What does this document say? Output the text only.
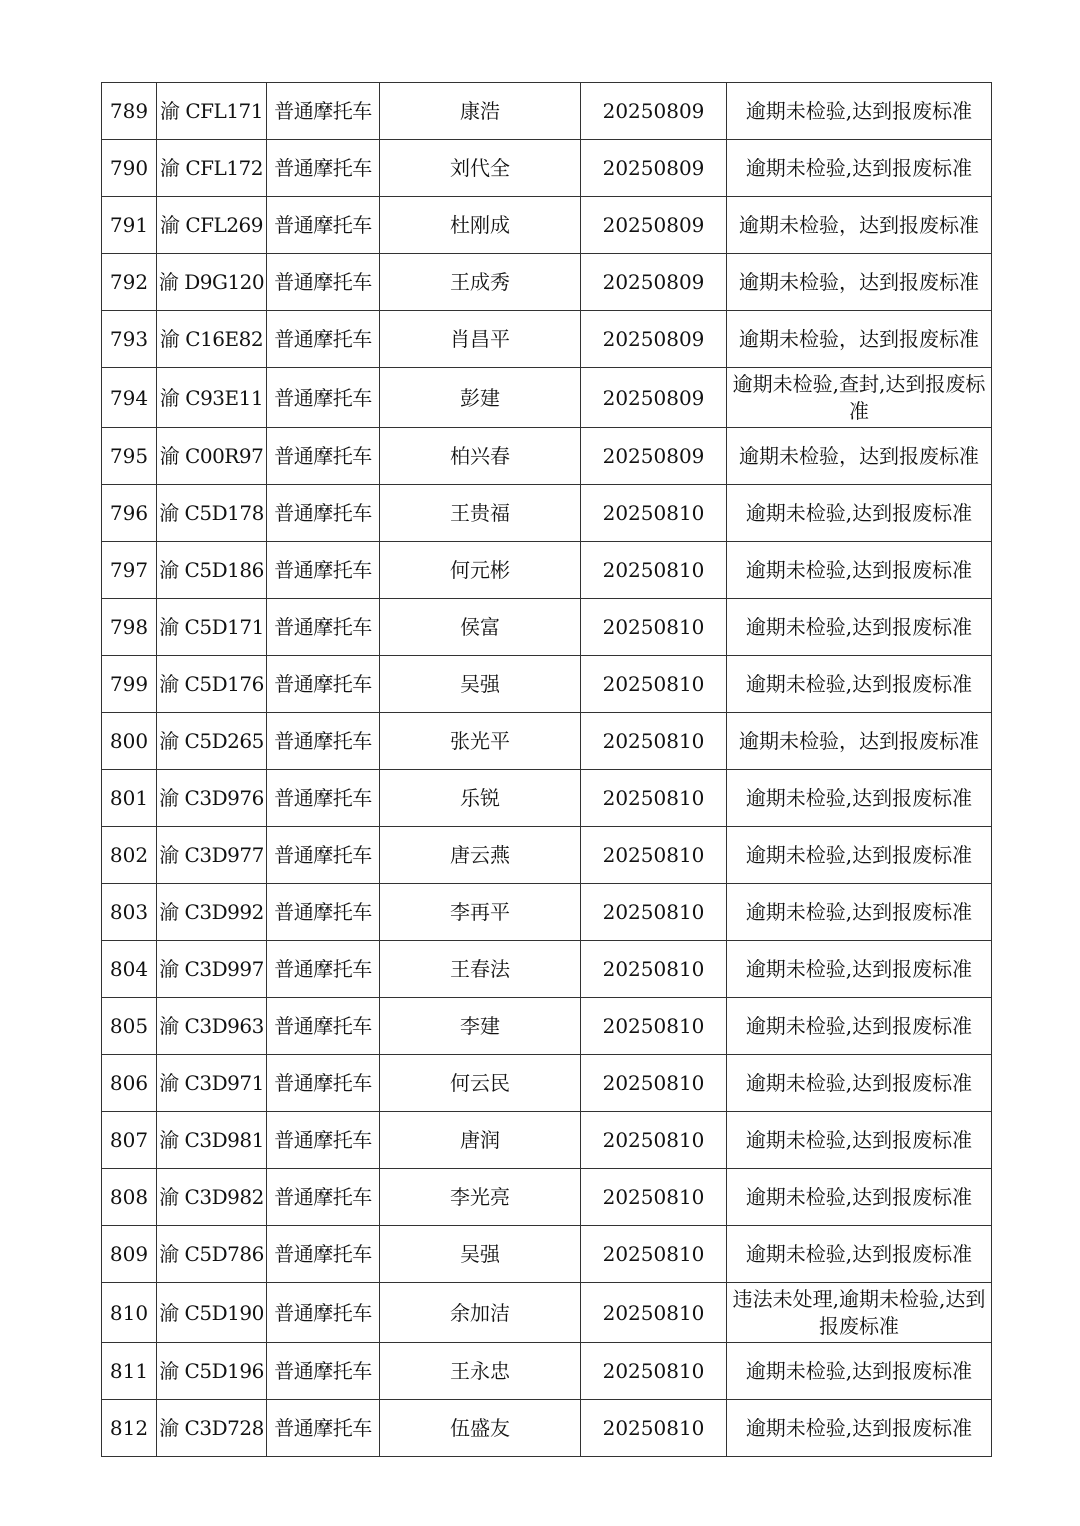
789	渝 CFL171	普通摩托车	康浩	20250809	逾期未检验,达到报废标准
790	渝 CFL172	普通摩托车	刘代全	20250809	逾期未检验,达到报废标准
791	渝 CFL269	普通摩托车	杜刚成	20250809	逾期未检验，达到报废标准
792	渝 D9G120	普通摩托车	王成秀	20250809	逾期未检验，达到报废标准
793	渝 C16E82	普通摩托车	肖昌平	20250809	逾期未检验，达到报废标准
794	渝 C93E11	普通摩托车	彭建	20250809	逾期未检验,查封,达到报废标准
795	渝 C00R97	普通摩托车	柏兴春	20250809	逾期未检验，达到报废标准
796	渝 C5D178	普通摩托车	王贵福	20250810	逾期未检验,达到报废标准
797	渝 C5D186	普通摩托车	何元彬	20250810	逾期未检验,达到报废标准
798	渝 C5D171	普通摩托车	侯富	20250810	逾期未检验,达到报废标准
799	渝 C5D176	普通摩托车	吴强	20250810	逾期未检验,达到报废标准
800	渝 C5D265	普通摩托车	张光平	20250810	逾期未检验，达到报废标准
801	渝 C3D976	普通摩托车	乐锐	20250810	逾期未检验,达到报废标准
802	渝 C3D977	普通摩托车	唐云燕	20250810	逾期未检验,达到报废标准
803	渝 C3D992	普通摩托车	李再平	20250810	逾期未检验,达到报废标准
804	渝 C3D997	普通摩托车	王春法	20250810	逾期未检验,达到报废标准
805	渝 C3D963	普通摩托车	李建	20250810	逾期未检验,达到报废标准
806	渝 C3D971	普通摩托车	何云民	20250810	逾期未检验,达到报废标准
807	渝 C3D981	普通摩托车	唐润	20250810	逾期未检验,达到报废标准
808	渝 C3D982	普通摩托车	李光亮	20250810	逾期未检验,达到报废标准
809	渝 C5D786	普通摩托车	吴强	20250810	逾期未检验,达到报废标准
810	渝 C5D190	普通摩托车	余加洁	20250810	违法未处理,逾期未检验,达到报废标准
811	渝 C5D196	普通摩托车	王永忠	20250810	逾期未检验,达到报废标准
812	渝 C3D728	普通摩托车	伍盛友	20250810	逾期未检验,达到报废标准
